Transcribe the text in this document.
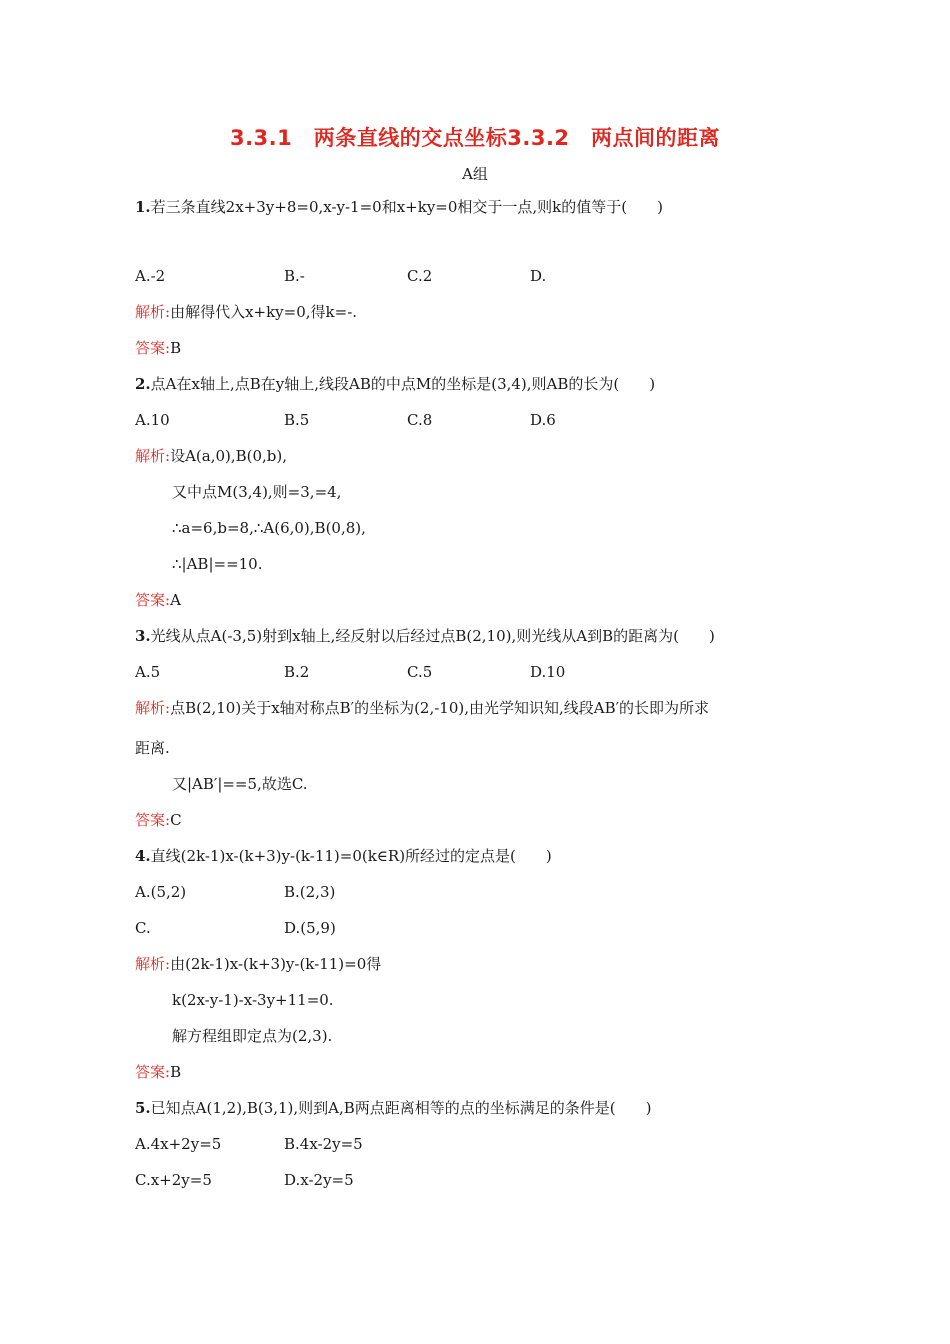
3.3.1　两条直线的交点坐标3.3.2　两点间的距离
A组
1.若三条直线2x+3y+8=0,x-y-1=0和x+ky=0相交于一点,则k的值等于(　　)
A.-2	B.-	C.2	D.
解析:由解得代入x+ky=0,得k=-.
答案:B
2.点A在x轴上,点B在y轴上,线段AB的中点M的坐标是(3,4),则AB的长为(　　)
A.10	B.5	C.8	D.6
解析:设A(a,0),B(0,b),
又中点M(3,4),则=3,=4,
∴a=6,b=8,∴A(6,0),B(0,8),
∴|AB|==10.
答案:A
3.光线从点A(-3,5)射到x轴上,经反射以后经过点B(2,10),则光线从A到B的距离为(　　)
A.5	B.2	C.5	D.10
解析:点B(2,10)关于x轴对称点B′的坐标为(2,-10),由光学知识知,线段AB′的长即为所求
距离.
又|AB′|==5,故选C.
答案:C
4.直线(2k-1)x-(k+3)y-(k-11)=0(k∈R)所经过的定点是(　　)
A.(5,2)	B.(2,3)
C.	D.(5,9)
解析:由(2k-1)x-(k+3)y-(k-11)=0得
k(2x-y-1)-x-3y+11=0.
解方程组即定点为(2,3).
答案:B
5.已知点A(1,2),B(3,1),则到A,B两点距离相等的点的坐标满足的条件是(　　)
A.4x+2y=5	B.4x-2y=5
C.x+2y=5	D.x-2y=5
